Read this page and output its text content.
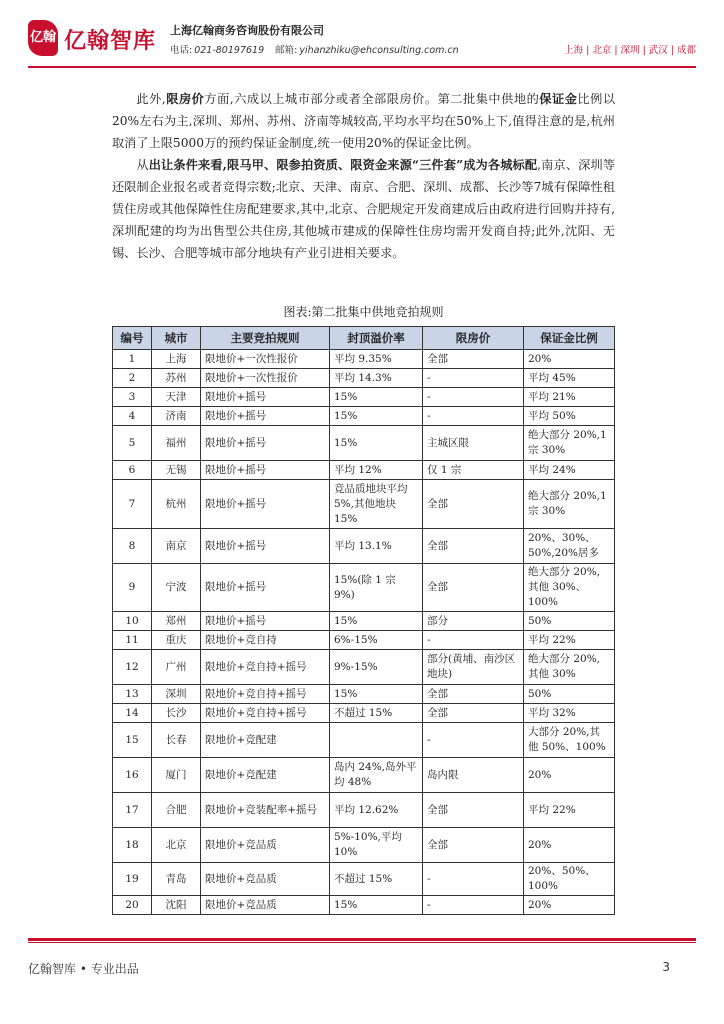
亿翰 亿翰智库 上海亿翰商务咨询股份有限公司
电话: 021-80197619 邮箱: yihanzhiku@ehconsulting.com.cn	上海 | 北京 | 深圳 | 武汉 | 成都

此外,限房价方面,六成以上城市部分或者全部限房价。第二批集中供地的保证金比例以20%左右为主,深圳、郑州、苏州、济南等城较高,平均水平均在50%上下,值得注意的是,杭州取消了上限5000万的预约保证金制度,统一使用20%的保证金比例。

从出让条件来看,限马甲、限参拍资质、限资金来源“三件套”成为各城标配,南京、深圳等还限制企业报名或者竞得宗数;北京、天津、南京、合肥、深圳、成都、长沙等7城有保障性租赁住房或其他保障性住房配建要求,其中,北京、合肥规定开发商建成后由政府进行回购并持有,深圳配建的均为出售型公共住房,其他城市建成的保障性住房均需开发商自持;此外,沈阳、无锡、长沙、合肥等城市部分地块有产业引进相关要求。

图表:第二批集中供地竞拍规则
编号	城市	主要竞拍规则	封顶溢价率	限房价	保证金比例
1	上海	限地价+一次性报价	平均 9.35%	全部	20%
2	苏州	限地价+一次性报价	平均 14.3%	-	平均 45%
3	天津	限地价+摇号	15%	-	平均 21%
4	济南	限地价+摇号	15%	-	平均 50%
5	福州	限地价+摇号	15%	主城区限	绝大部分 20%,1 宗 30%
6	无锡	限地价+摇号	平均 12%	仅 1 宗	平均 24%
7	杭州	限地价+摇号	竞品质地块平均 5%,其他地块 15%	全部	绝大部分 20%,1 宗 30%
8	南京	限地价+摇号	平均 13.1%	全部	20%、30%、50%,20%居多
9	宁波	限地价+摇号	15%(除 1 宗 9%)	全部	绝大部分 20%,其他 30%、100%
10	郑州	限地价+摇号	15%	部分	50%
11	重庆	限地价+竞自持	6%-15%	-	平均 22%
12	广州	限地价+竞自持+摇号	9%-15%	部分(黄埔、南沙区地块)	绝大部分 20%,其他 30%
13	深圳	限地价+竞自持+摇号	15%	全部	50%
14	长沙	限地价+竞自持+摇号	不超过 15%	全部	平均 32%
15	长春	限地价+竞配建		-	大部分 20%,其他 50%、100%
16	厦门	限地价+竞配建	岛内 24%,岛外平均 48%	岛内限	20%
17	合肥	限地价+竞装配率+摇号	平均 12.62%	全部	平均 22%
18	北京	限地价+竞品质	5%-10%,平均 10%	全部	20%
19	青岛	限地价+竞品质	不超过 15%	-	20%、50%、100%
20	沈阳	限地价+竞品质	15%	-	20%
亿翰智库 • 专业出品	3
